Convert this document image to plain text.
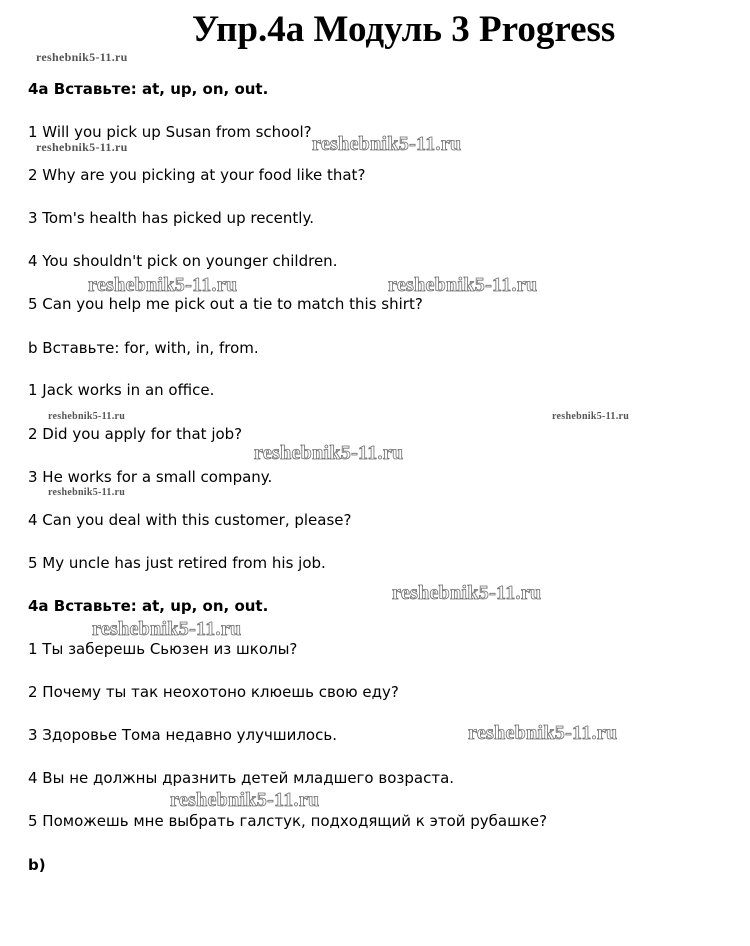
Упр.4а Модуль 3 Progress
4а Вставьте: at, up, on, out.
1 Will you pick up Susan from school?
2 Why are you picking at your food like that?
3 Tom's health has picked up recently.
4 You shouldn't pick on younger children.
5 Can you help me pick out a tie to match this shirt?
b Вставьте: for, with, in, from.
1 Jack works in an office.
2 Did you apply for that job?
3 He works for a small company.
4 Can you deal with this customer, please?
5 My uncle has just retired from his job.
4а Вставьте: at, up, on, out.
1 Ты заберешь Сьюзен из школы?
2 Почему ты так неохотоно клюешь свою еду?
3 Здоровье Тома недавно улучшилось.
4 Вы не должны дразнить детей младшего возраста.
5 Поможешь мне выбрать галстук, подходящий к этой рубашке?
b)
reshebnik5-11.ru
reshebnik5-11.ru	reshebnik5-11.ru
reshebnik5-11.ru	reshebnik5-11.ru
reshebnik5-11.ru	reshebnik5-11.ru
reshebnik5-11.ru
reshebnik5-11.ru
reshebnik5-11.ru
reshebnik5-11.ru
reshebnik5-11.ru
reshebnik5-11.ru
